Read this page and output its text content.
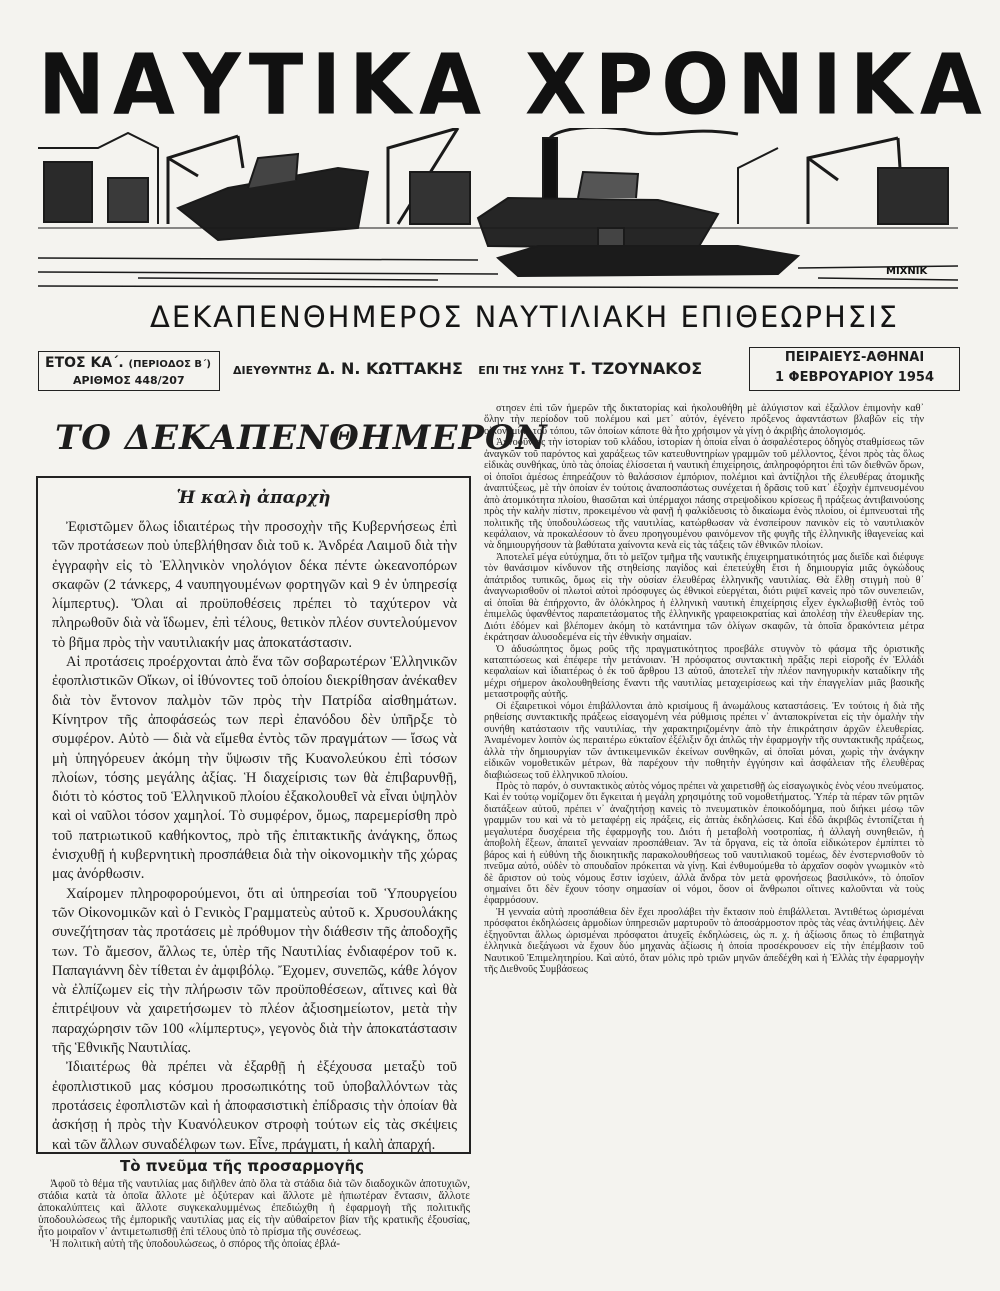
ΝΑΥΤΙΚΑ ΧΡΟΝΙΚΑ
ΜΙΧΝΙΚ
ΔΕΚΑΠΕΝΘΗΜΕΡΟΣ ΝΑΥΤΙΛΙΑΚΗ ΕΠΙΘΕΩΡΗΣΙΣ
ΕΤΟΣ ΚΑ΄. (ΠΕΡΙΟΔΟΣ Β΄)
ΑΡΙΘΜΟΣ 448/207
ΔΙΕΥΘΥΝΤΗΣ Δ. Ν. ΚΩΤΤΑΚΗΣ ΕΠΙ ΤΗΣ ΥΛΗΣ Τ. ΤΖΟΥΝΑΚΟΣ
ΠΕΙΡΑΙΕΥΣ-ΑΘΗΝΑΙ
1 ΦΕΒΡΟΥΑΡΙΟΥ 1954
ΤΟ ΔΕΚΑΠΕΝΘΗΜΕΡΟΝ
Ἡ καλὴ ἀπαρχὴ

Ἐφιστῶμεν ὅλως ἰδιαιτέρως τὴν προσοχὴν τῆς Κυβερνήσεως ἐπὶ τῶν προτάσεων ποὺ ὑπεβλήθησαν διὰ τοῦ κ. Ἀνδρέα Λαιμοῦ διὰ τὴν ἐγγραφὴν εἰς τὸ Ἑλληνικὸν νηολόγιον δέκα πέντε ὠκεανοπόρων σκαφῶν (2 τάνκερς, 4 ναυπηγουμένων φορτηγῶν καὶ 9 ἐν ὑπηρεσίᾳ λίμπερτυς). Ὅλαι αἱ προϋποθέσεις πρέπει τὸ ταχύτερον νὰ πληρωθοῦν διὰ νὰ ἴδωμεν, ἐπὶ τέλους, θετικὸν πλέον συντελούμενον τὸ βῆμα πρὸς τὴν ναυτιλιακήν μας ἀποκατάστασιν.

Αἱ προτάσεις προέρχονται ἀπὸ ἕνα τῶν σοβαρωτέρων Ἑλληνικῶν ἐφοπλιστικῶν Οἴκων, οἱ ἰθύνοντες τοῦ ὁποίου διεκρίθησαν ἀνέκαθεν διὰ τὸν ἔντονον παλμὸν τῶν πρὸς τὴν Πατρίδα αἰσθημάτων. Κίνητρον τῆς ἀποφάσεώς των περὶ ἐπανόδου δὲν ὑπῆρξε τὸ συμφέρον. Αὐτὸ — διὰ νὰ εἴμεθα ἐντὸς τῶν πραγμάτων — ἴσως νὰ μὴ ὑπηγόρευεν ἀκόμη τὴν ὕψωσιν τῆς Κυανολεύκου ἐπὶ τόσων πλοίων, τόσης μεγάλης ἀξίας. Ἡ διαχείρισις των θὰ ἐπιβαρυνθῇ, διότι τὸ κόστος τοῦ Ἑλληνικοῦ πλοίου ἐξακολουθεῖ νὰ εἶναι ὑψηλὸν καὶ οἱ ναῦλοι τόσον χαμηλοί. Τὸ συμφέρον, ὅμως, παρεμερίσθη πρὸ τοῦ πατριωτικοῦ καθήκοντος, πρὸ τῆς ἐπιτακτικῆς ἀνάγκης, ὅπως ἐνισχυθῇ ἡ κυβερνητικὴ προσπάθεια διὰ τὴν οἰκονομικὴν τῆς χώρας μας ἀνόρθωσιν.

Χαίρομεν πληροφορούμενοι, ὅτι αἱ ὑπηρεσίαι τοῦ Ὑπουργείου τῶν Οἰκονομικῶν καὶ ὁ Γενικὸς Γραμματεὺς αὐτοῦ κ. Χρυσουλάκης συνεζήτησαν τὰς προτάσεις μὲ πρόθυμον τὴν διάθεσιν τῆς ἀποδοχῆς των. Τὸ ἄμεσον, ἄλλως τε, ὑπὲρ τῆς Ναυτιλίας ἐνδιαφέρον τοῦ κ. Παπαγιάννη δὲν τίθεται ἐν ἀμφιβόλῳ. Ἔχομεν, συνεπῶς, κάθε λόγον νὰ ἐλπίζωμεν εἰς τὴν πλήρωσιν τῶν προϋποθέσεων, αἵτινες καὶ θὰ ἐπιτρέψουν νὰ χαιρετήσωμεν τὸ πλέον ἀξιοσημείωτον, μετὰ τὴν παραχώρησιν τῶν 100 «λίμπερτυς», γεγονὸς διὰ τὴν ἀποκατάστασιν τῆς Ἑθνικῆς Ναυτιλίας.

Ἰδιαιτέρως θὰ πρέπει νὰ ἐξαρθῇ ἡ ἐξέχουσα μεταξὺ τοῦ ἐφοπλιστικοῦ μας κόσμου προσωπικότης τοῦ ὑποβαλλόντων τὰς προτάσεις ἐφοπλιστῶν καὶ ἡ ἀποφασιστικὴ ἐπίδρασις τὴν ὁποίαν θὰ ἀσκήσῃ ἡ πρὸς τὴν Κυανόλευκον στροφὴ τούτων εἰς τὰς σκέψεις καὶ τῶν ἄλλων συναδέλφων των. Εἶνε, πράγματι, ἡ καλὴ ἀπαρχή.

Τὸ πνεῦμα τῆς προσαρμογῆς

Ἀφοῦ τὸ θέμα τῆς ναυτιλίας μας διῆλθεν ἀπὸ ὅλα τὰ στάδια διὰ τῶν διαδοχικῶν ἀποτυχιῶν, στάδια κατὰ τὰ ὁποῖα ἄλλοτε μὲ ὀξύτεραν καὶ ἄλλοτε μὲ ἠπιωτέραν ἔντασιν, ἄλλοτε ἀποκαλύπτεις καὶ ἄλλοτε συγκεκαλυμμένως ἐπεδιώχθη ἡ ἐφαρμογὴ τῆς πολιτικῆς ὑποδουλώσεως τῆς ἐμπορικῆς ναυτιλίας μας εἰς τὴν αὐθαίρετον βίαν τῆς κρατικῆς ἐξουσίας, ἦτο μοιραῖον ν᾿ ἀντιμετωπισθῇ ἐπὶ τέλους ὑπὸ τὸ πρίσμα τῆς συνέσεως.

Ἡ πολιτικὴ αὐτὴ τῆς ὑποδουλώσεως, ὁ σπόρος τῆς ὁποίας ἐβλά-

στησεν ἐπὶ τῶν ἡμερῶν τῆς δικτατορίας καὶ ἠκολουθήθη μὲ ἀλύγιστον καὶ ἐξαλλον ἐπιμονὴν καθ᾿ ὅλην τὴν περίοδον τοῦ πολέμου καὶ μετ᾿ αὐτόν, ἐγένετο πρόξενος ἀφαντάστων βλαβῶν εἰς τὴν οἰκονομίαν τοῦ τόπου, τῶν ὁποίων κάποτε θὰ ἦτο χρήσιμον νὰ γίνῃ ὁ ἀκριβὴς ἀπολογισμός.

Ἀγνοοῦντες τὴν ἱστορίαν τοῦ κλάδου, ἱστορίαν ἡ ὁποία εἶναι ὁ ἀσφαλέστερος ὁδηγὸς σταθμίσεως τῶν ἀναγκῶν τοῦ παρόντος καὶ χαράξεως τῶν κατευθυντηρίων γραμμῶν τοῦ μέλλοντος, ξένοι πρὸς τὰς ὅλως εἰδικὰς συνθήκας, ὑπὸ τὰς ὁποίας ἐλίσσεται ἡ ναυτικὴ ἐπιχείρησις, ἀπληροφόρητοι ἐπὶ τῶν διεθνῶν ὅρων, οἱ ὁποῖοι ἀμέσως ἐπηρεάζουν τὸ θαλάσσιον ἐμπόριον, πολέμιοι καὶ ἀντίζηλοι τῆς ἐλευθέρας ἀτομικῆς ἀναπτύξεως, μὲ τὴν ὁποίαν ἐν τούτοις ἀναποσπάστως συνέχεται ἡ δρᾶσις τοῦ κατ᾿ ἐξοχὴν ἐμπνευσμένου ἀπὸ ἀτομικότητα πλοίου, θιασῶται καὶ ὑπέρμαχοι πάσης στρεψοδίκου κρίσεως ἢ πράξεως ἀντιβαινούσης πρὸς τὴν καλὴν πίστιν, προκειμένου νὰ φανῇ ἡ φαλκίδευσις τὸ δικαίωμα ἑνὸς πλοίου, οἱ ἐμπνευσταὶ τῆς πολιτικῆς τῆς ὑποδουλώσεως τῆς ναυτιλίας, κατώρθωσαν νὰ ἐνσπείρουν πανικὸν εἰς τὸ ναυτιλιακὸν κεφάλαιον, νὰ προκαλέσουν τὸ ἄνευ προηγουμένου φαινόμενον τῆς φυγῆς τῆς ἑλληνικῆς ἰθαγενείας καὶ νὰ δημιουργήσουν τὰ βαθύτατα χαίνοντα κενὰ εἰς τὰς τάξεις τῶν ἐθνικῶν πλοίων.

Ἀποτελεῖ μέγα εὐτύχημα, ὅτι τὸ μεῖζον τμῆμα τῆς ναυτικῆς ἐπιχειρηματικότητός μας διεῖδε καὶ διέφυγε τὸν θανάσιμον κίνδυνον τῆς στηθείσης παγίδος καὶ ἐπετεύχθη ἔτσι ἡ δημιουργία μιᾶς ὀγκώδους ἀπάτριδος τυπικῶς, ὅμως εἰς τὴν οὐσίαν ἐλευθέρας ἑλληνικῆς ναυτιλίας. Θὰ ἔλθῃ στιγμὴ ποὺ θ᾿ ἀναγνωρισθοῦν οἱ πλωτοὶ αὐτοὶ πρόσφυγες ὡς ἐθνικοὶ εὐεργέται, διότι ριψεῖ κανεὶς πρὸ τῶν συνεπειῶν, αἱ ὁποῖαι θὰ ἐπήρχοντο, ἂν ὁλόκληρος ἡ ἑλληνικὴ ναυτικὴ ἐπιχείρησις εἶχεν ἐγκλωβισθῇ ἐντὸς τοῦ ἐπιμελῶς ὑφανθέντος παραπετάσματος τῆς ἑλληνικῆς γραφειοκρατίας καὶ ἀπολέσῃ τὴν ἐλευθερίαν της. Διότι ἐδόμεν καὶ βλέπομεν ἀκόμη τὸ κατάντημα τῶν ὀλίγων σκαφῶν, τὰ ὁποῖα δρακόντεια μέτρα ἐκράτησαν ἀλυσοδεμένα εἰς τὴν ἐθνικὴν σημαίαν.

Ὁ ἀδυσώπητος ὅμως ροῦς τῆς πραγματικότητος προεβάλε στυγνὸν τὸ φάσμα τῆς ὁριστικῆς καταπτώσεως καὶ ἐπέφερε τὴν μετάνοιαν. Ἡ πρόσφατος συντακτικὴ πρᾶξις περὶ εἰσροῆς ἐν Ἑλλάδι κεφαλαίων καὶ ἰδιαιτέρως ὁ ἐκ τοῦ ἄρθρου 13 αὐτοῦ, ἀποτελεῖ τὴν πλέον πανηγυρικὴν καταδίκην τῆς μέχρι σήμερον ἀκολουθηθείσης ἔναντι τῆς ναυτιλίας μεταχειρίσεως καὶ τὴν ἐπαγγελίαν μιᾶς βασικῆς μεταστροφῆς αὐτῆς.

Οἱ ἐξαιρετικοὶ νόμοι ἐπιβάλλονται ἀπὸ κρισίμους ἢ ἀνωμάλους καταστάσεις. Ἐν τούτοις ἡ διὰ τῆς ρηθείσης συντακτικῆς πράξεως εἰσαγομένη νέα ρύθμισις πρέπει ν᾿ ἀνταποκρίνεται εἰς τὴν ὁμαλὴν τὴν συνήθη κατάστασιν τῆς ναυτιλίας, τὴν χαρακτηριζομένην ἀπὸ τὴν ἐπικράτησιν ἀρχῶν ἐλευθερίας. Ἀναμένομεν λοιπὸν ὡς περαιτέρω εὐκταῖον ἐξέλιξιν ὄχι ἁπλῶς τὴν ἐφαρμογὴν τῆς συντακτικῆς πράξεως, ἀλλὰ τὴν δημιουργίαν τῶν ἀντικειμενικῶν ἐκείνων συνθηκῶν, αἱ ὁποῖαι μόναι, χωρὶς τὴν ἀνάγκην εἰδικῶν νομοθετικῶν μέτρων, θὰ παρέχουν τὴν ποθητὴν ἐγγύησιν καὶ ἀσφάλειαν τῆς ἐλευθέρας διαβιώσεως τοῦ ἑλληνικοῦ πλοίου.

Πρὸς τὸ παρόν, ὁ συντακτικὸς αὐτὸς νόμος πρέπει νὰ χαιρετισθῇ ὡς εἰσαγωγικὸς ἑνὸς νέου πνεύματος. Καὶ ἐν τούτῳ νομίζομεν ὅτι ἔγκειται ἡ μεγάλη χρησιμότης τοῦ νομοθετήματος. Ὑπέρ τὰ πέραν τῶν ρητῶν διατάξεων αὐτοῦ, πρέπει ν᾿ ἀναζητήσῃ κανεὶς τὸ πνευματικὸν ἐποικοδόμημα, ποὺ διήκει μέσῳ τῶν γραμμῶν του καὶ νὰ τὸ μεταφέρῃ εἰς πράξεις, εἰς ἁπτὰς ἐκδηλώσεις. Καὶ ἐδῶ ἀκριβῶς ἐντοπίζεται ἡ μεγαλυτέρα δυσχέρεια τῆς ἐφαρμογῆς του. Διότι ἡ μεταβολὴ νοοτροπίας, ἡ ἀλλαγὴ συνηθειῶν, ἡ ἀποβολὴ ἕξεων, ἀπαιτεῖ γενναίαν προσπάθειαν. Ἂν τὰ ὄργανα, εἰς τὰ ὁποῖα εἰδικώτερον ἐμπίπτει τὸ βάρος καὶ ἡ εὐθύνη τῆς διοικητικῆς παρακολουθήσεως τοῦ ναυτιλιακοῦ τομέως, δὲν ἐνστερνισθοῦν τὸ πνεῦμα αὐτό, οὐδὲν τὸ σπουδαῖον πρόκειται νὰ γίνῃ. Καὶ ἐνθυμούμεθα τὸ ἀρχαῖον σοφὸν γνωμικὸν «τὸ δὲ ἄριστον οὐ τοὺς νόμους ἔστιν ἰσχύειν, ἀλλὰ ἄνδρα τὸν μετὰ φρονήσεως βασιλικόν», τὸ ὁποῖον σημαίνει ὅτι δὲν ἔχουν τόσην σημασίαν οἱ νόμοι, ὅσον οἱ ἄνθρωποι οἵτινες καλοῦνται νὰ τοὺς ἐφαρμόσουν.

Ἡ γενναία αὐτὴ προσπάθεια δὲν ἔχει προσλάβει τὴν ἔκτασιν ποὺ ἐπιβάλλεται. Ἀντιθέτως ὡρισμέναι πρόσφατοι ἐκδηλώσεις ἁρμοδίων ὑπηρεσιῶν μαρτυροῦν τὸ ἀποσάρμοστον πρὸς τὰς νέας ἀντιλήψεις. Δὲν ἐξηγοῦνται ἄλλως ὡρισμέναι πρόσφατοι ἀτυχεῖς ἐκδηλώσεις, ὡς π. χ. ἡ ἀξίωσις ὅπως τὸ ἐπιβατηγὰ ἑλληνικὰ διεξάγωσι νὰ ἔχουν δύο μηχανὰς ἀξίωσις ἡ ὁποία προσέκρουσεν εἰς τὴν ἐπέμβασιν τοῦ Ναυτικοῦ Ἐπιμελητηρίου. Καὶ αὐτό, ὅταν μόλις πρὸ τριῶν μηνῶν ἀπεδέχθη καὶ ἡ Ἑλλὰς τὴν ἐφαρμογὴν τῆς Διεθνοῦς Συμβάσεως
